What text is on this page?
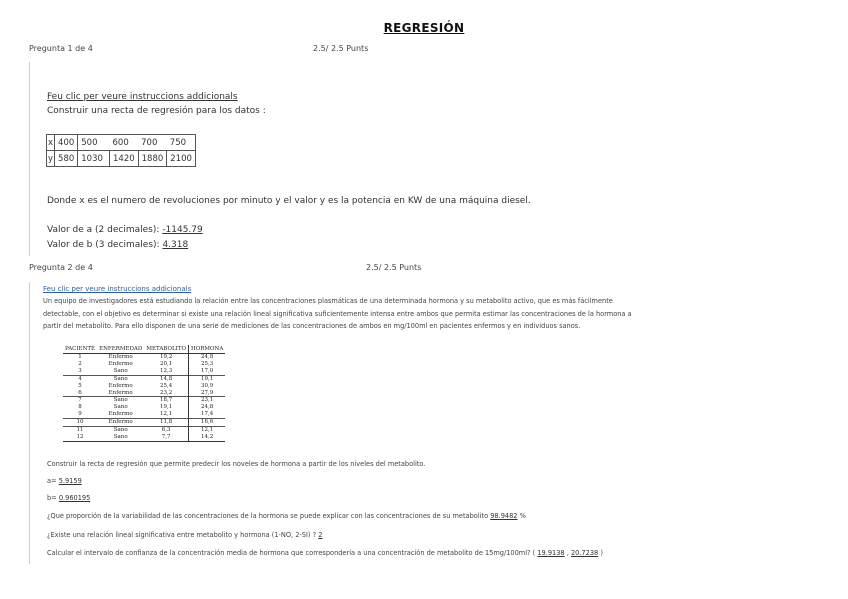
REGRESIÓN
Pregunta 1 de 4	2.5/ 2.5 Punts
Feu clic per veure instruccions addicionals
Construir una recta de regresión para los datos :
x	400	500	600	700	750
y	580	1030	1420	1880	2100
Donde x es el numero de revoluciones por minuto y el valor y es la potencia en KW de una máquina diesel.
Valor de a (2 decimales): -1145.79
Valor de b (3 decimales): 4.318
Pregunta 2 de 4	2.5/ 2.5 Punts
Feu clic per veure instruccions addicionals
Un equipo de investigadores está estudiando la relación entre las concentraciones plasmáticas de una determinada hormona y su metabolito activo, que es más fácilmente
detectable, con el objetivo es determinar si existe una relación lineal significativa suficientemente intensa entre ambos que permita estimar las concentraciones de la hormona a
partir del metabolito. Para ello disponen de una serie de mediciones de las concentraciones de ambos en mg/100ml en pacientes enfermos y en individuos sanos.
PACIENTE	ENFERMEDAD	METABOLITO	HORMONA
1	Enfermo	19,2	24,8
2	Enfermo	20,1	25,3
3	Sano	12,3	17,0
4	Sano	14,8	19,1
5	Enfermo	25,4	30,9
6	Enfermo	23,2	27,9
7	Sano	18,7	23,1
8	Sano	19,1	24,8
9	Enfermo	12,1	17,4
10	Enfermo	11,8	16,6
11	Sano	6,3	12,1
12	Sano	7,7	14,2
Construir la recta de regresión que permite predecir los noveles de hormona a partir de los niveles del metabolito.
a= 5.9159
b= 0.960195
¿Que proporción de la variabilidad de las concentraciones de la hormona se puede explicar con las concentraciones de su metabolito 98.9482 %
¿Existe una relación lineal significativa entre metabolito y hormona (1-NO, 2-SI) ? 2
Calcular el intervalo de confianza de la concentración media de hormona que correspondería a una concentración de metabolito de 15mg/100ml? ( 19.9138 , 20.7238 )
